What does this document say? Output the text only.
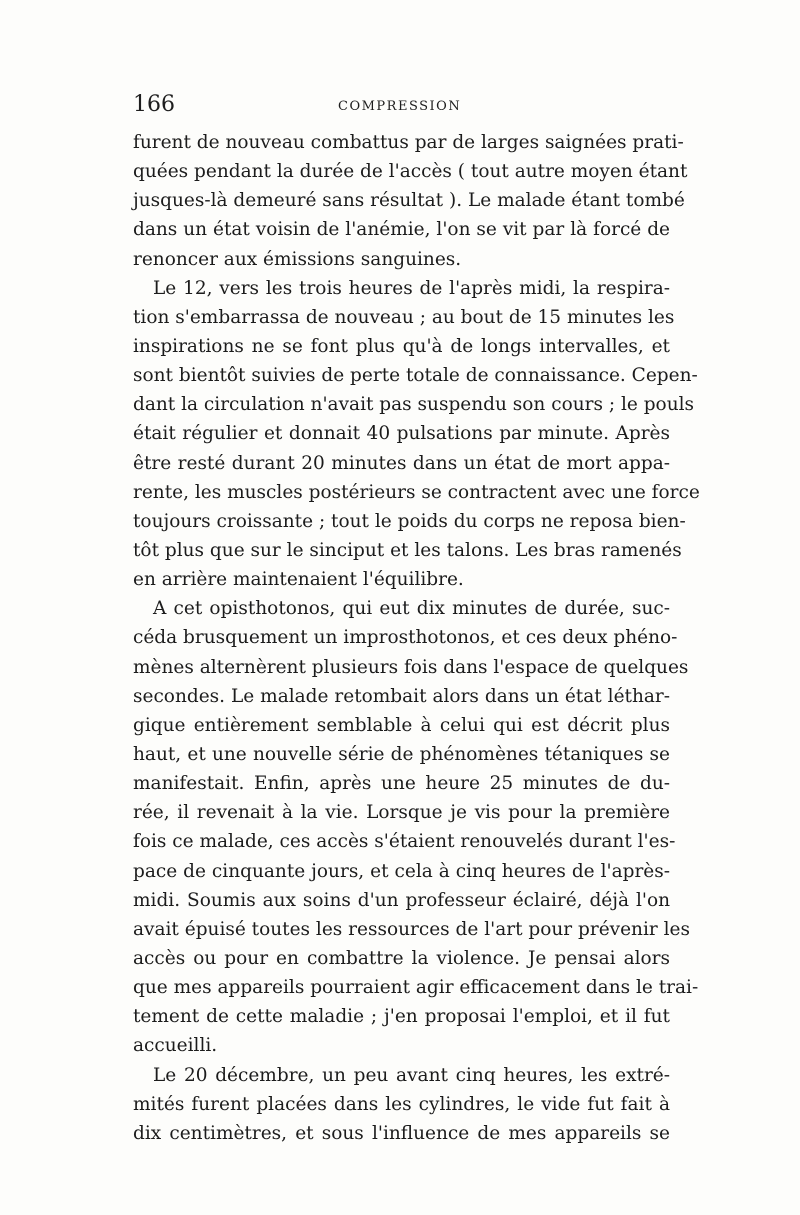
166	COMPRESSION
furent de nouveau combattus par de larges saignées prati-
quées pendant la durée de l'accès ( tout autre moyen étant
jusques-là demeuré sans résultat ). Le malade étant tombé
dans un état voisin de l'anémie, l'on se vit par là forcé de
renoncer aux émissions sanguines.
Le 12, vers les trois heures de l'après midi, la respira-
tion s'embarrassa de nouveau ; au bout de 15 minutes les
inspirations ne se font plus qu'à de longs intervalles, et
sont bientôt suivies de perte totale de connaissance. Cepen-
dant la circulation n'avait pas suspendu son cours ; le pouls
était régulier et donnait 40 pulsations par minute. Après
être resté durant 20 minutes dans un état de mort appa-
rente, les muscles postérieurs se contractent avec une force
toujours croissante ; tout le poids du corps ne reposa bien-
tôt plus que sur le sinciput et les talons. Les bras ramenés
en arrière maintenaient l'équilibre.
A cet opisthotonos, qui eut dix minutes de durée, suc-
céda brusquement un improsthotonos, et ces deux phéno-
mènes alternèrent plusieurs fois dans l'espace de quelques
secondes. Le malade retombait alors dans un état léthar-
gique entièrement semblable à celui qui est décrit plus
haut, et une nouvelle série de phénomènes tétaniques se
manifestait. Enfin, après une heure 25 minutes de du-
rée, il revenait à la vie. Lorsque je vis pour la première
fois ce malade, ces accès s'étaient renouvelés durant l'es-
pace de cinquante jours, et cela à cinq heures de l'après-
midi. Soumis aux soins d'un professeur éclairé, déjà l'on
avait épuisé toutes les ressources de l'art pour prévenir les
accès ou pour en combattre la violence. Je pensai alors
que mes appareils pourraient agir efficacement dans le trai-
tement de cette maladie ; j'en proposai l'emploi, et il fut
accueilli.
Le 20 décembre, un peu avant cinq heures, les extré-
mités furent placées dans les cylindres, le vide fut fait à
dix centimètres, et sous l'influence de mes appareils se
